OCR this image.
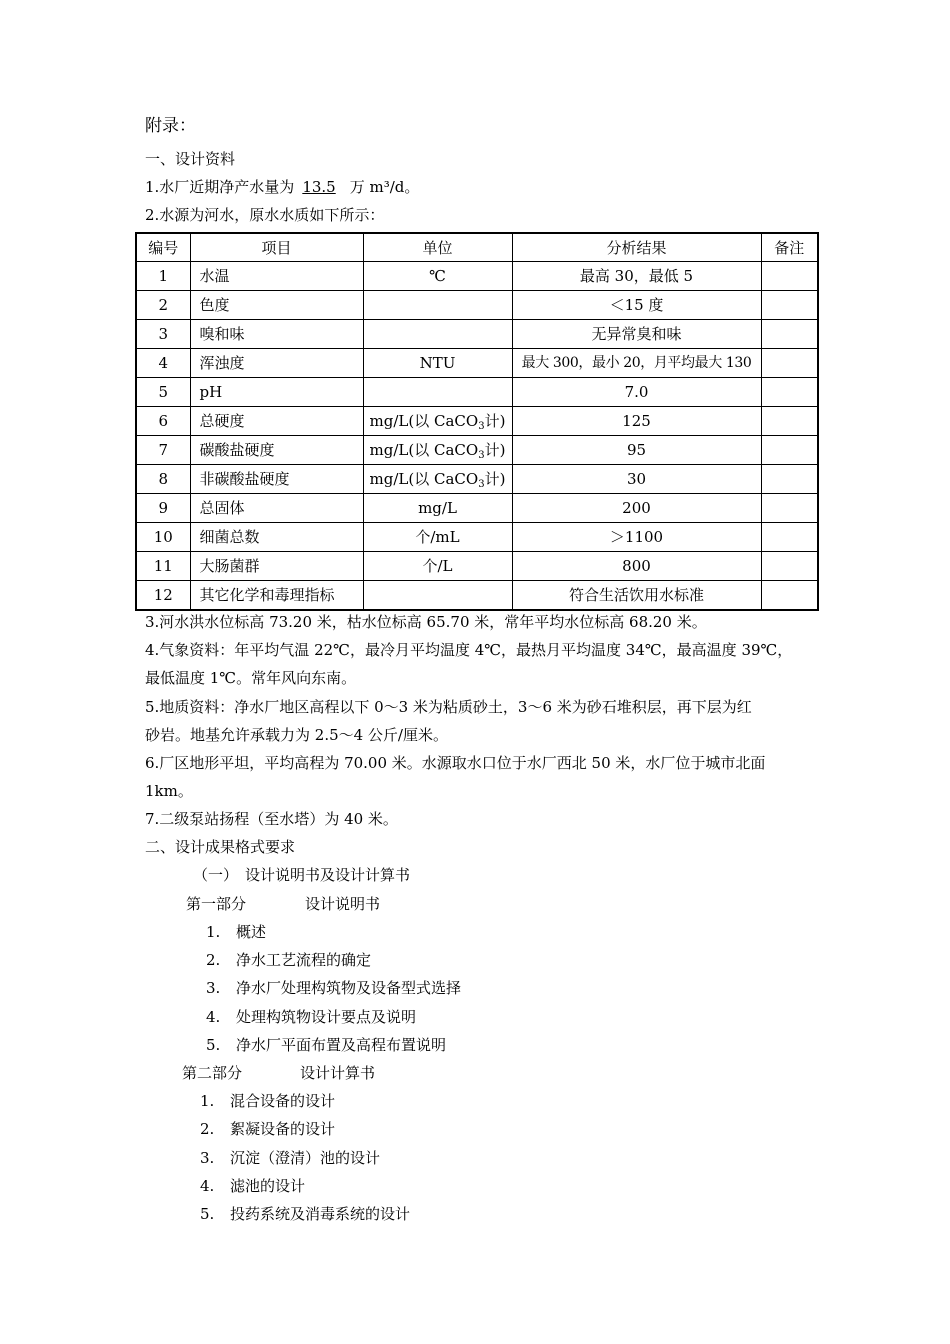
附录：
一、设计资料
1.水厂近期净产水量为 13.5 万 m³/d。
2.水源为河水，原水水质如下所示：
编号	项目	单位	分析结果	备注
1	水温	℃	最高 30，最低 5	
2	色度		＜15 度	
3	嗅和味		无异常臭和味	
4	浑浊度	NTU	最大 300，最小 20，月平均最大 130	
5	pH		7.0	
6	总硬度	mg/L(以 CaCO$_3$计)	125	
7	碳酸盐硬度	mg/L(以 CaCO$_3$计)	95	
8	非碳酸盐硬度	mg/L(以 CaCO$_3$计)	30	
9	总固体	mg/L	200	
10	细菌总数	个/mL	＞1100	
11	大肠菌群	个/L	800	
12	其它化学和毒理指标		符合生活饮用水标准	
3.河水洪水位标高 73.20 米，枯水位标高 65.70 米，常年平均水位标高 68.20 米。
4.气象资料：年平均气温 22℃，最冷月平均温度 4℃，最热月平均温度 34℃，最高温度 39℃，
最低温度 1℃。常年风向东南。
5.地质资料：净水厂地区高程以下 0～3 米为粘质砂土，3～6 米为砂石堆积层，再下层为红
砂岩。地基允许承载力为 2.5～4 公斤/厘米。
6.厂区地形平坦，平均高程为 70.00 米。水源取水口位于水厂西北 50 米，水厂位于城市北面
1km。
7.二级泵站扬程（至水塔）为 40 米。
二、设计成果格式要求
（一） 设计说明书及设计计算书
第一部分	设计说明书
1. 概述
2. 净水工艺流程的确定
3. 净水厂处理构筑物及设备型式选择
4. 处理构筑物设计要点及说明
5. 净水厂平面布置及高程布置说明
第二部分	设计计算书
1. 混合设备的设计
2. 絮凝设备的设计
3. 沉淀（澄清）池的设计
4. 滤池的设计
5. 投药系统及消毒系统的设计
